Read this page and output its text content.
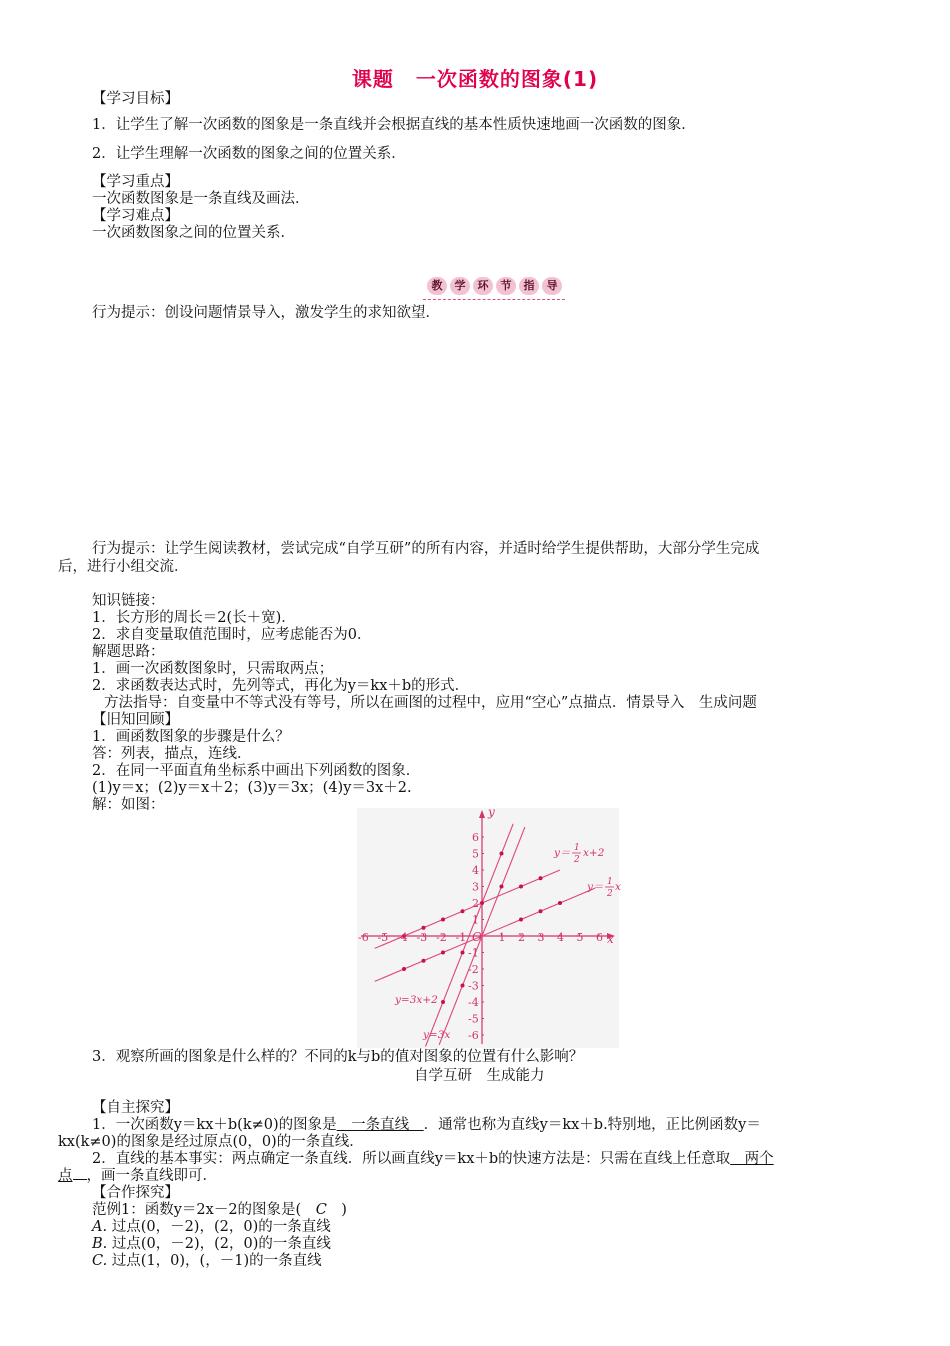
课题 一次函数的图象(1)
【学习目标】
1．让学生了解一次函数的图象是一条直线并会根据直线的基本性质快速地画一次函数的图象．
2．让学生理解一次函数的图象之间的位置关系．
【学习重点】
一次函数图象是一条直线及画法．
【学习难点】
一次函数图象之间的位置关系．
教	学	环	节	指	导
行为提示：创设问题情景导入，激发学生的求知欲望．
行为提示：让学生阅读教材，尝试完成“自学互研”的所有内容，并适时给学生提供帮助，大部分学生完成
后，进行小组交流．
知识链接：
1．长方形的周长＝2(长＋宽)．
2．求自变量取值范围时，应考虑能否为0．
解题思路：
1．画一次函数图象时，只需取两点；
2．求函数表达式时，先列等式，再化为y＝kx＋b的形式．
方法指导：自变量中不等式没有等号，所以在画图的过程中，应用“空心”点描点．情景导入　生成问题
【旧知回顾】
1．画函数图象的步骤是什么？
答：列表，描点，连线．
2．在同一平面直角坐标系中画出下列函数的图象．
(1)y＝x；(2)y＝x＋2；(3)y＝3x；(4)y＝3x＋2.
解：如图：
-6 -5 -4 -3 -2 -1	1 2 3 4 5 6
1
2
3
4
5
6
-1
-2
-3
-4
-5
-6
x
y
O
y＝ 1
2
x+2
y＝ 1
2
x
y=3x+2
y=3x
3．观察所画的图象是什么样的？不同的k与b的值对图象的位置有什么影响？
自学互研　生成能力
【自主探究】
1．一次函数y＝kx＋b(k≠0)的图象是　一条直线　．通常也称为直线y＝kx＋b.特别地，正比例函数y＝
kx(k≠0)的图象是经过原点(0，0)的一条直线．
2．直线的基本事实：两点确定一条直线．所以画直线y＝kx＋b的快速方法是：只需在直线上任意取　两个
点 ，画一条直线即可．
【合作探究】
范例1：函数y＝2x－2的图象是(　C　)
A. 过点(0，－2)，(2，0)的一条直线
B. 过点(0，－2)，(2，0)的一条直线
C. 过点(1，0)，(，－1)的一条直线
